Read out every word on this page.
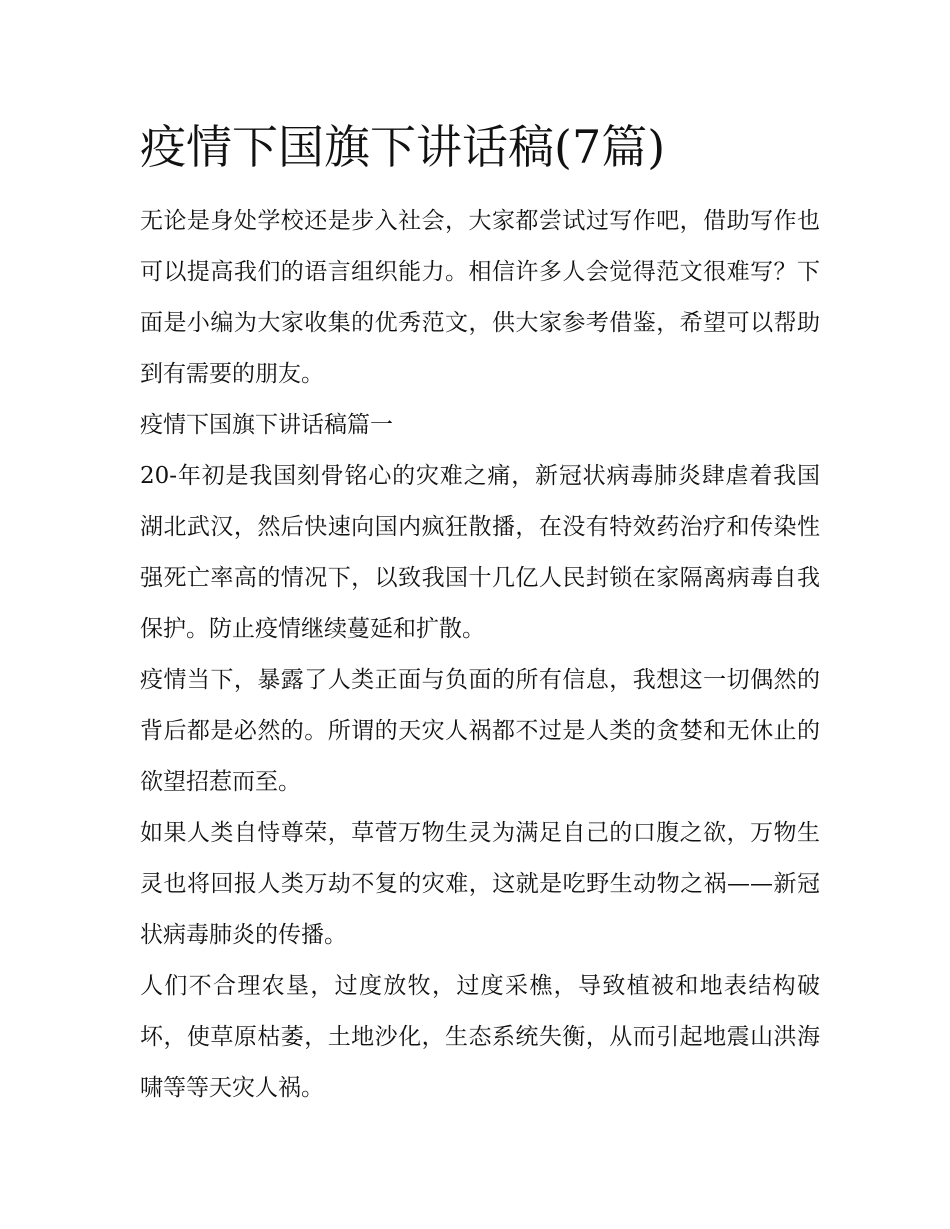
疫情下国旗下讲话稿(7篇)

无论是身处学校还是步入社会，大家都尝试过写作吧，借助写作也可以提高我们的语言组织能力。相信许多人会觉得范文很难写？下面是小编为大家收集的优秀范文，供大家参考借鉴，希望可以帮助到有需要的朋友。

疫情下国旗下讲话稿篇一

20-年初是我国刻骨铭心的灾难之痛，新冠状病毒肺炎肆虐着我国湖北武汉，然后快速向国内疯狂散播，在没有特效药治疗和传染性强死亡率高的情况下，以致我国十几亿人民封锁在家隔离病毒自我保护。防止疫情继续蔓延和扩散。

疫情当下，暴露了人类正面与负面的所有信息，我想这一切偶然的背后都是必然的。所谓的天灾人祸都不过是人类的贪婪和无休止的欲望招惹而至。

如果人类自恃尊荣，草菅万物生灵为满足自己的口腹之欲，万物生灵也将回报人类万劫不复的灾难，这就是吃野生动物之祸——新冠状病毒肺炎的传播。

人们不合理农垦，过度放牧，过度采樵，导致植被和地表结构破坏，使草原枯萎，土地沙化，生态系统失衡，从而引起地震山洪海啸等等天灾人祸。
